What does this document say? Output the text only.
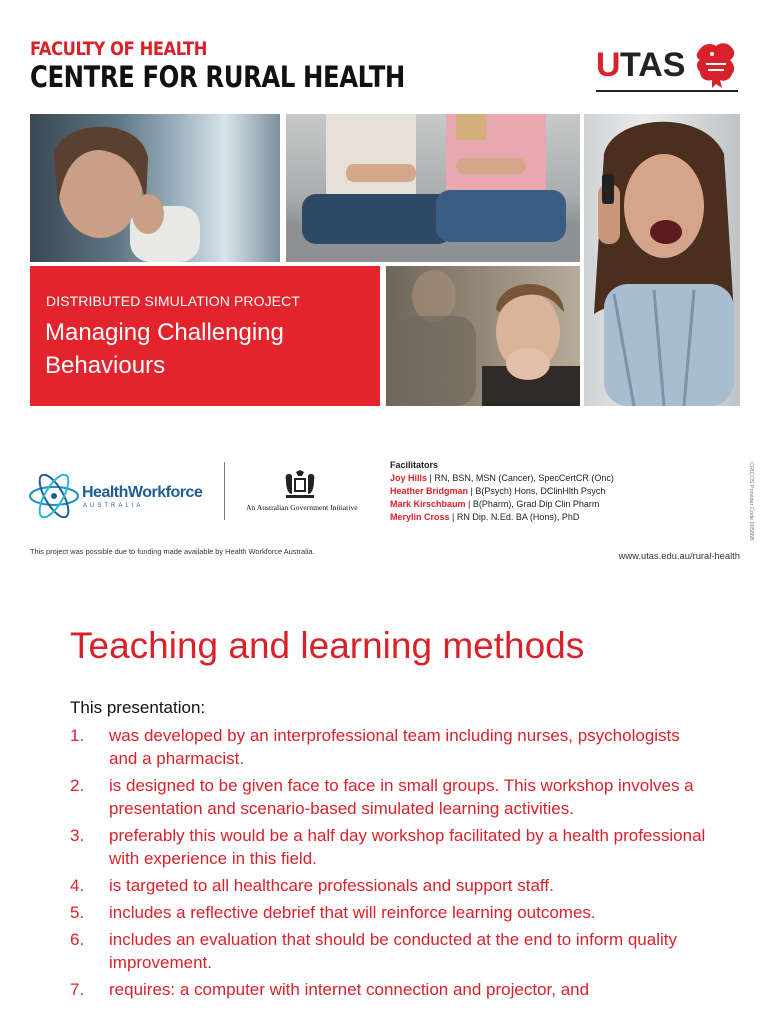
FACULTY OF HEALTH
CENTRE FOR RURAL HEALTH	U TAS
DISTRIBUTED SIMULATION PROJECT
Managing Challenging Behaviours
HealthWorkforce
AUSTRALIA	An Australian Government Initiative
Facilitators
Joy Hills | RN, BSN, MSN (Cancer), SpecCertCR (Onc)
Heather Bridgman | B(Psych) Hons, DClinHlth Psych
Mark Kirschbaum | B(Pharm), Grad Dip Clin Pharm
Merylin Cross | RN Dip. N.Ed. BA (Hons), PhD
This project was possible due to funding made available by Health Workforce Australia.	www.utas.edu.au/rural-health
CRICOS Provider Code 00586B
Teaching and learning methods
This presentation:
1. was developed by an interprofessional team including nurses, psychologists and a pharmacist.
2. is designed to be given face to face in small groups. This workshop involves a presentation and scenario-based simulated learning activities.
3. preferably this would be a half day workshop facilitated by a health professional with experience in this field.
4. is targeted to all healthcare professionals and support staff.
5. includes a reflective debrief that will reinforce learning outcomes.
6. includes an evaluation that should be conducted at the end to inform quality improvement.
7. requires: a computer with internet connection and projector, and
